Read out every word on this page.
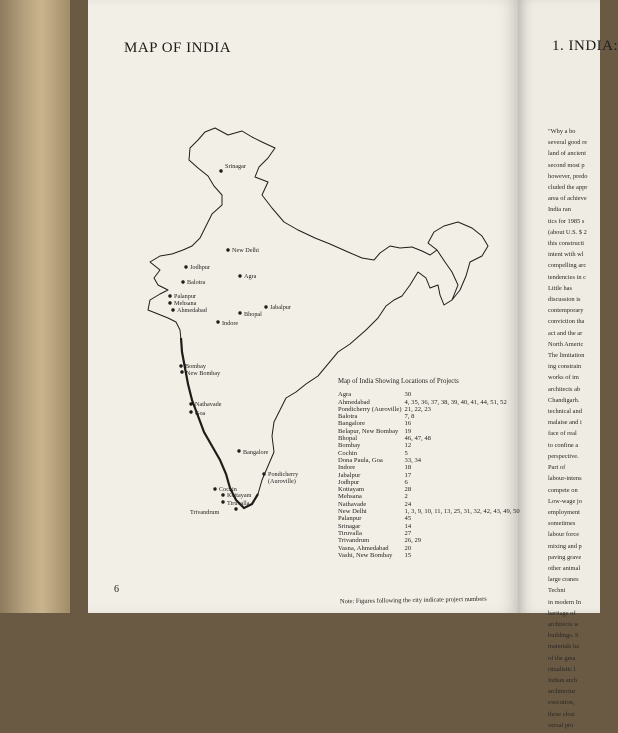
MAP OF INDIA	1. INDIA:
Srinagar
New Delhi
Jodhpur
Agra
Balotra
Palanpur
Mehsana
Ahmedabad	Jabalpur
Bhopal
Indore
Bombay
New Bombay
Nathavade
Goa
Bangalore
Pondicherry
(Auroville)
Cochin
Kottayam
Tiruvalla
Trivandrum

Map of India Showing Locations of Projects

Agra	30
Ahmedabad	4, 35, 36, 37, 38, 39, 40, 41, 44, 51, 52
Pondicherry (Auroville)	21, 22, 23
Balotra	7, 8
Bangalore	16
Belapur, New Bombay	19
Bhopal	46, 47, 48
Bombay	12
Cochin	5
Dona Paula, Goa	33, 34
Indore	18
Jabalpur	17
Jodhpur	6
Kottayam	28
Mehsana	2
Nathavade	24
New Delhi	1, 3, 9, 10, 11, 13, 25, 31, 32, 42, 43, 49, 50
Palanpur	45
Srinagar	14
Tiruvalla	27
Trivandrum	26, 29
Vasna, Ahmedabad	20
Vashi, New Bombay	15
Note: Figures following the city indicate project numbers
6

"Why a bo

several good re

land of ancient

second most p

however, predo

cluded the appr

area of achieve

India ran

tics for 1985 s

(about U.S. $ 2

this constructi

intent with wl

compelling arc

tendencies in c

Little has

discussion is

contemporary

conviction tha

act and the ar

North Americ

The limitation

ing constrain

works of im

architects ab

Chandigarh.

technical and

malaise and i

face of real

to confine a

perspective.

Part of

labour-intens

compete on

Low-wage jo

employment

sometimes

labour force

mixing and p

paving grave

other animal

large cranes

Techni

in modern In

heritage of

architects w

buildings. S

materials ha

of the grea

ritualistic l

Indian arch

architectur

execution,

these closi

versal pro
